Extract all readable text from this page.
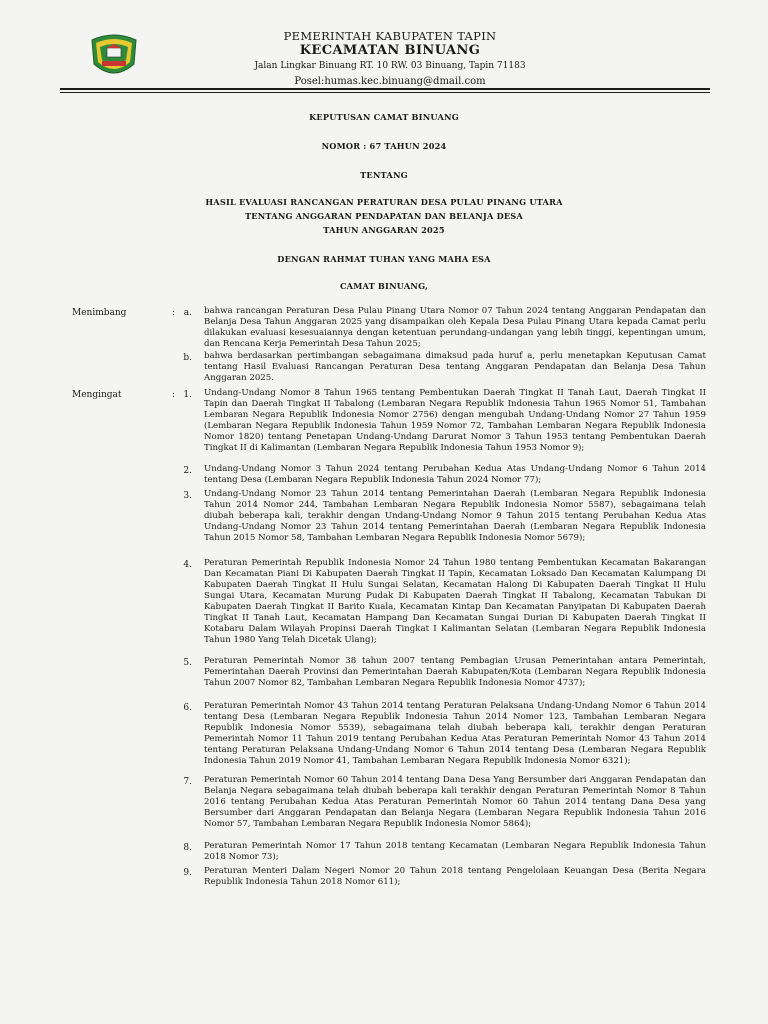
PEMERINTAH KABUPATEN TAPIN
KECAMATAN BINUANG
Jalan Lingkar Binuang RT. 10 RW. 03 Binuang, Tapin 71183
Posel:humas.kec.binuang@dmail.com
KEPUTUSAN CAMAT BINUANG
NOMOR : 67 TAHUN 2024
TENTANG
HASIL EVALUASI RANCANGAN PERATURAN DESA PULAU PINANG UTARA
TENTANG ANGGARAN PENDAPATAN DAN BELANJA DESA
TAHUN ANGGARAN 2025
DENGAN RAHMAT TUHAN YANG MAHA ESA
CAMAT BINUANG,
Menimbang	: a. bahwa rancangan Peraturan Desa Pulau Pinang Utara Nomor 07 Tahun 2024 tentang Anggaran Pendapatan dan Belanja Desa Tahun Anggaran 2025 yang disampaikan oleh Kepala Desa Pulau Pinang Utara kepada Camat perlu dilakukan evaluasi kesesuaiannya dengan ketentuan perundang-undangan yang lebih tinggi, kepentingan umum, dan Rencana Kerja Pemerintah Desa Tahun 2025;
b. bahwa berdasarkan pertimbangan sebagaimana dimaksud pada huruf a, perlu menetapkan Keputusan Camat tentang Hasil Evaluasi Rancangan Peraturan Desa tentang Anggaran Pendapatan dan Belanja Desa Tahun Anggaran 2025.
Mengingat	: 1. Undang-Undang Nomor 8 Tahun 1965 tentang Pembentukan Daerah Tingkat II Tanah Laut, Daerah Tingkat II Tapin dan Daerah Tingkat II Tabalong (Lembaran Negara Republik Indonesia Tahun 1965 Nomor 51, Tambahan Lembaran Negara Republik Indonesia Nomor 2756) dengan mengubah Undang-Undang Nomor 27 Tahun 1959 (Lembaran Negara Republik Indonesia Tahun 1959 Nomor 72, Tambahan Lembaran Negara Republik Indonesia Nomor 1820) tentang Penetapan Undang-Undang Darurat Nomor 3 Tahun 1953 tentang Pembentukan Daerah Tingkat II di Kalimantan (Lembaran Negara Republik Indonesia Tahun 1953 Nomor 9);
2. Undang-Undang Nomor 3 Tahun 2024 tentang Perubahan Kedua Atas Undang-Undang Nomor 6 Tahun 2014 tentang Desa (Lembaran Negara Republik Indonesia Tahun 2024 Nomor 77);
3. Undang-Undang Nomor 23 Tahun 2014 tentang Pemerintahan Daerah (Lembaran Negara Republik Indonesia Tahun 2014 Nomor 244, Tambahan Lembaran Negara Republik Indonesia Nomor 5587), sebagaimana telah diubah beberapa kali, terakhir dengan Undang-Undang Nomor 9 Tahun 2015 tentang Perubahan Kedua Atas Undang-Undang Nomor 23 Tahun 2014 tentang Pemerintahan Daerah (Lembaran Negara Republik Indonesia Tahun 2015 Nomor 58, Tambahan Lembaran Negara Republik Indonesia Nomor 5679);
4. Peraturan Pemerintah Republik Indonesia Nomor 24 Tahun 1980 tentang Pembentukan Kecamatan Bakarangan Dan Kecamatan Piani Di Kabupaten Daerah Tingkat II Tapin, Kecamatan Loksado Dan Kecamatan Kalumpang Di Kabupaten Daerah Tingkat II Hulu Sungai Selatan, Kecamatan Halong Di Kabupaten Daerah Tingkat II Hulu Sungai Utara, Kecamatan Murung Pudak Di Kabupaten Daerah Tingkat II Tabalong, Kecamatan Tabukan Di Kabupaten Daerah Tingkat II Barito Kuala, Kecamatan Kintap Dan Kecamatan Panyipatan Di Kabupaten Daerah Tingkat II Tanah Laut, Kecamatan Hampang Dan Kecamatan Sungai Durian Di Kabupaten Daerah Tingkat II Kotabaru Dalam Wilayah Propinsi Daerah Tingkat I Kalimantan Selatan (Lembaran Negara Republik Indonesia Tahun 1980 Yang Telah Dicetak Ulang);
5. Peraturan Pemerintah Nomor 38 tahun 2007 tentang Pembagian Urusan Pemerintahan antara Pemerintah, Pemerintahan Daerah Provinsi dan Pemerintahan Daerah Kabupaten/Kota (Lembaran Negara Republik Indonesia Tahun 2007 Nomor 82, Tambahan Lembaran Negara Republik Indonesia Nomor 4737);
6. Peraturan Pemerintah Nomor 43 Tahun 2014 tentang Peraturan Pelaksana Undang-Undang Nomor 6 Tahun 2014 tentang Desa (Lembaran Negara Republik Indonesia Tahun 2014 Nomor 123, Tambahan Lembaran Negara Republik Indonesia Nomor 5539), sebagaimana telah diubah beberapa kali, terakhir dengan Peraturan Pemerintah Nomor 11 Tahun 2019 tentang Perubahan Kedua Atas Peraturan Pemerintah Nomor 43 Tahun 2014 tentang Peraturan Pelaksana Undang-Undang Nomor 6 Tahun 2014 tentang Desa (Lembaran Negara Republik Indonesia Tahun 2019 Nomor 41, Tambahan Lembaran Negara Republik Indonesia Nomor 6321);
7. Peraturan Pemerintah Nomor 60 Tahun 2014 tentang Dana Desa Yang Bersumber dari Anggaran Pendapatan dan Belanja Negara sebagaimana telah diubah beberapa kali terakhir dengan Peraturan Pemerintah Nomor 8 Tahun 2016 tentang Perubahan Kedua Atas Peraturan Pemerintah Nomor 60 Tahun 2014 tentang Dana Desa yang Bersumber dari Anggaran Pendapatan dan Belanja Negara (Lembaran Negara Republik Indonesia Tahun 2016 Nomor 57, Tambahan Lembaran Negara Republik Indonesia Nomor 5864);
8. Peraturan Pemerintah Nomor 17 Tahun 2018 tentang Kecamatan (Lembaran Negara Republik Indonesia Tahun 2018 Nomor 73);
9. Peraturan Menteri Dalam Negeri Nomor 20 Tahun 2018 tentang Pengelolaan Keuangan Desa (Berita Negara Republik Indonesia Tahun 2018 Nomor 611);
